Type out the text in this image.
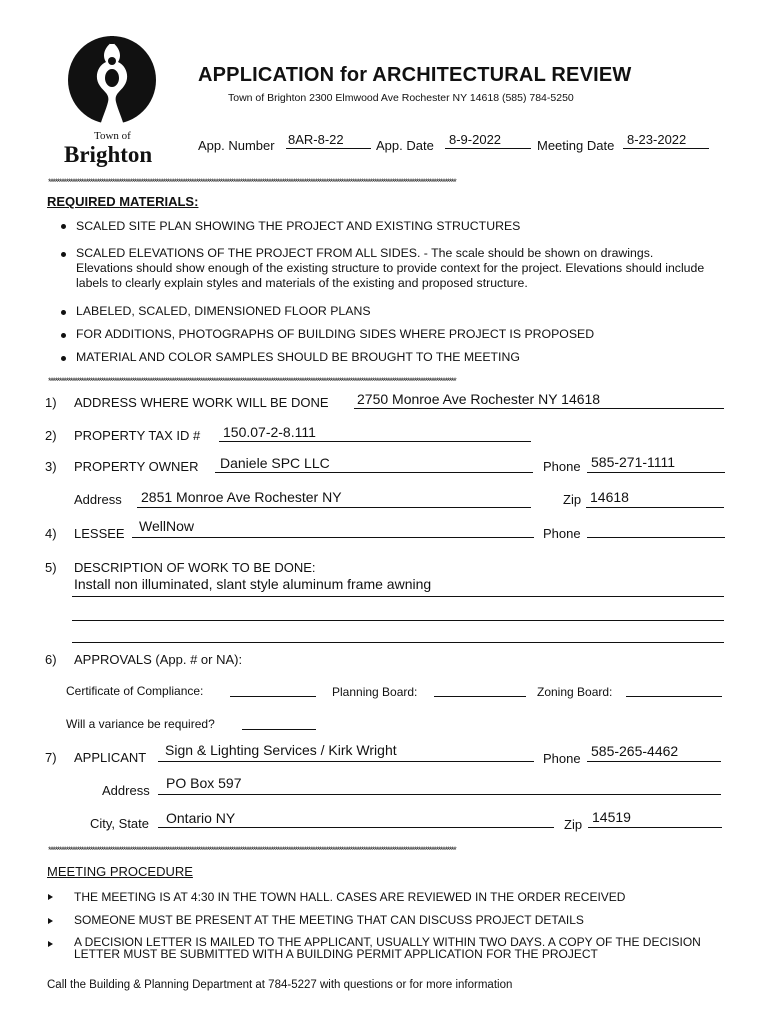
Town of
Brighton
APPLICATION for ARCHITECTURAL REVIEW
Town of Brighton 2300 Elmwood Ave Rochester NY 14618 (585) 784-5250
App. Number 8AR-8-22 App. Date 8-9-2022	Meeting Date 8-23-2022
*****************************************************************************************************************************************************************************************
REQUIRED MATERIALS:
SCALED SITE PLAN SHOWING THE PROJECT AND EXISTING STRUCTURES
SCALED ELEVATIONS OF THE PROJECT FROM ALL SIDES. - The scale should be shown on drawings. Elevations should show enough of the existing structure to provide context for the project. Elevations should include labels to clearly explain styles and materials of the existing and proposed structure.
LABELED, SCALED, DIMENSIONED FLOOR PLANS
FOR ADDITIONS, PHOTOGRAPHS OF BUILDING SIDES WHERE PROJECT IS PROPOSED
MATERIAL AND COLOR SAMPLES SHOULD BE BROUGHT TO THE MEETING
*****************************************************************************************************************************************************************************************
1) ADDRESS WHERE WORK WILL BE DONE 2750 Monroe Ave Rochester NY 14618
2) PROPERTY TAX ID # 150.07-2-8.111
3) PROPERTY OWNER Daniele SPC LLC	Phone 585-271-1111
Address 2851 Monroe Ave Rochester NY	Zip 14618
4) LESSEE WellNow	Phone
5) DESCRIPTION OF WORK TO BE DONE:
Install non illuminated, slant style aluminum frame awning
6) APPROVALS (App. # or NA):
Certificate of Compliance:	Planning Board:	Zoning Board:
Will a variance be required?
7) APPLICANT Sign & Lighting Services / Kirk Wright
Phone 585-265-4462
Address PO Box 597
City, State Ontario NY	Zip 14519
*****************************************************************************************************************************************************************************************
MEETING PROCEDURE
THE MEETING IS AT 4:30 IN THE TOWN HALL. CASES ARE REVIEWED IN THE ORDER RECEIVED
SOMEONE MUST BE PRESENT AT THE MEETING THAT CAN DISCUSS PROJECT DETAILS
A DECISION LETTER IS MAILED TO THE APPLICANT, USUALLY WITHIN TWO DAYS. A COPY OF THE DECISION LETTER MUST BE SUBMITTED WITH A BUILDING PERMIT APPLICATION FOR THE PROJECT
Call the Building & Planning Department at 784-5227 with questions or for more information
